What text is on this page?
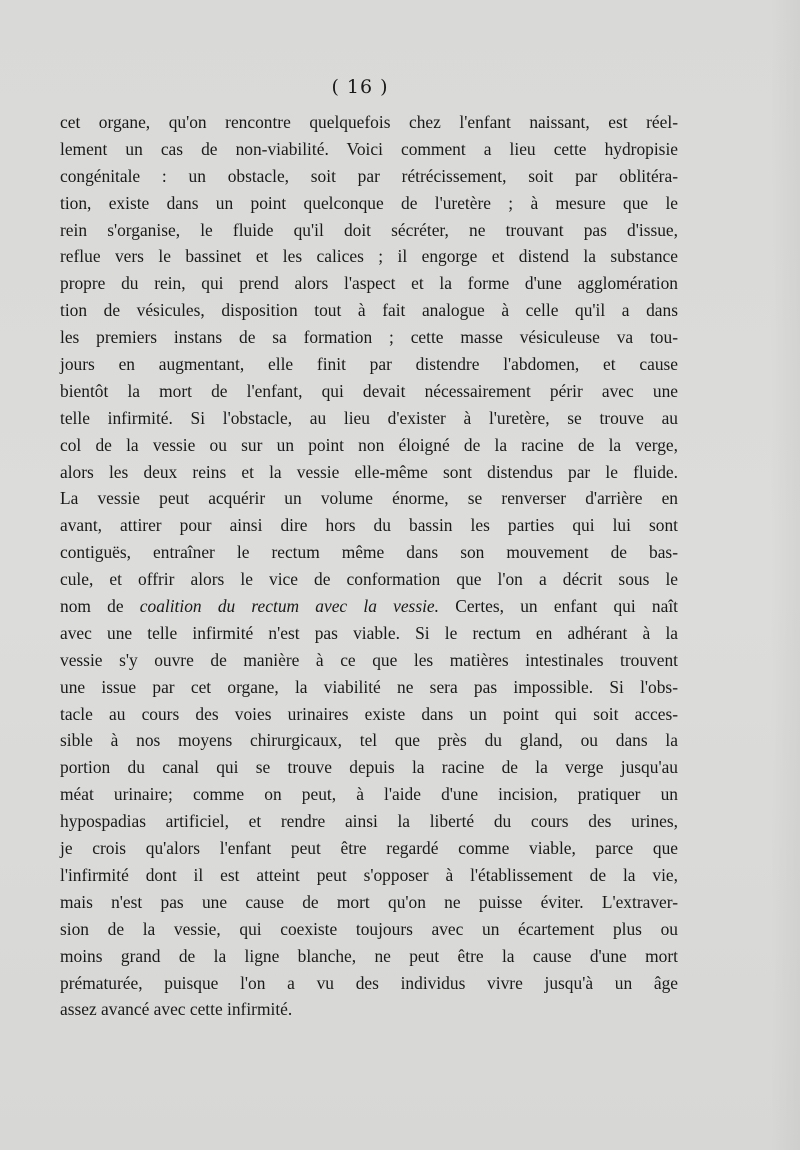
( 16 )
cet organe, qu'on rencontre quelquefois chez l'enfant naissant, est réel-
lement un cas de non-viabilité. Voici comment a lieu cette hydropisie
congénitale : un obstacle, soit par rétrécissement, soit par oblitéra-
tion, existe dans un point quelconque de l'uretère ; à mesure que le
rein s'organise, le fluide qu'il doit sécréter, ne trouvant pas d'issue,
reflue vers le bassinet et les calices ; il engorge et distend la substance
propre du rein, qui prend alors l'aspect et la forme d'une agglomération
tion de vésicules, disposition tout à fait analogue à celle qu'il a dans
les premiers instans de sa formation ; cette masse vésiculeuse va tou-
jours en augmentant, elle finit par distendre l'abdomen, et cause
bientôt la mort de l'enfant, qui devait nécessairement périr avec une
telle infirmité. Si l'obstacle, au lieu d'exister à l'uretère, se trouve au
col de la vessie ou sur un point non éloigné de la racine de la verge,
alors les deux reins et la vessie elle-même sont distendus par le fluide.
La vessie peut acquérir un volume énorme, se renverser d'arrière en
avant, attirer pour ainsi dire hors du bassin les parties qui lui sont
contiguës, entraîner le rectum même dans son mouvement de bas-
cule, et offrir alors le vice de conformation que l'on a décrit sous le
nom de coalition du rectum avec la vessie. Certes, un enfant qui naît
avec une telle infirmité n'est pas viable. Si le rectum en adhérant à la
vessie s'y ouvre de manière à ce que les matières intestinales trouvent
une issue par cet organe, la viabilité ne sera pas impossible. Si l'obs-
tacle au cours des voies urinaires existe dans un point qui soit acces-
sible à nos moyens chirurgicaux, tel que près du gland, ou dans la
portion du canal qui se trouve depuis la racine de la verge jusqu'au
méat urinaire; comme on peut, à l'aide d'une incision, pratiquer un
hypospadias artificiel, et rendre ainsi la liberté du cours des urines,
je crois qu'alors l'enfant peut être regardé comme viable, parce que
l'infirmité dont il est atteint peut s'opposer à l'établissement de la vie,
mais n'est pas une cause de mort qu'on ne puisse éviter. L'extraver-
sion de la vessie, qui coexiste toujours avec un écartement plus ou
moins grand de la ligne blanche, ne peut être la cause d'une mort
prématurée, puisque l'on a vu des individus vivre jusqu'à un âge
assez avancé avec cette infirmité.
